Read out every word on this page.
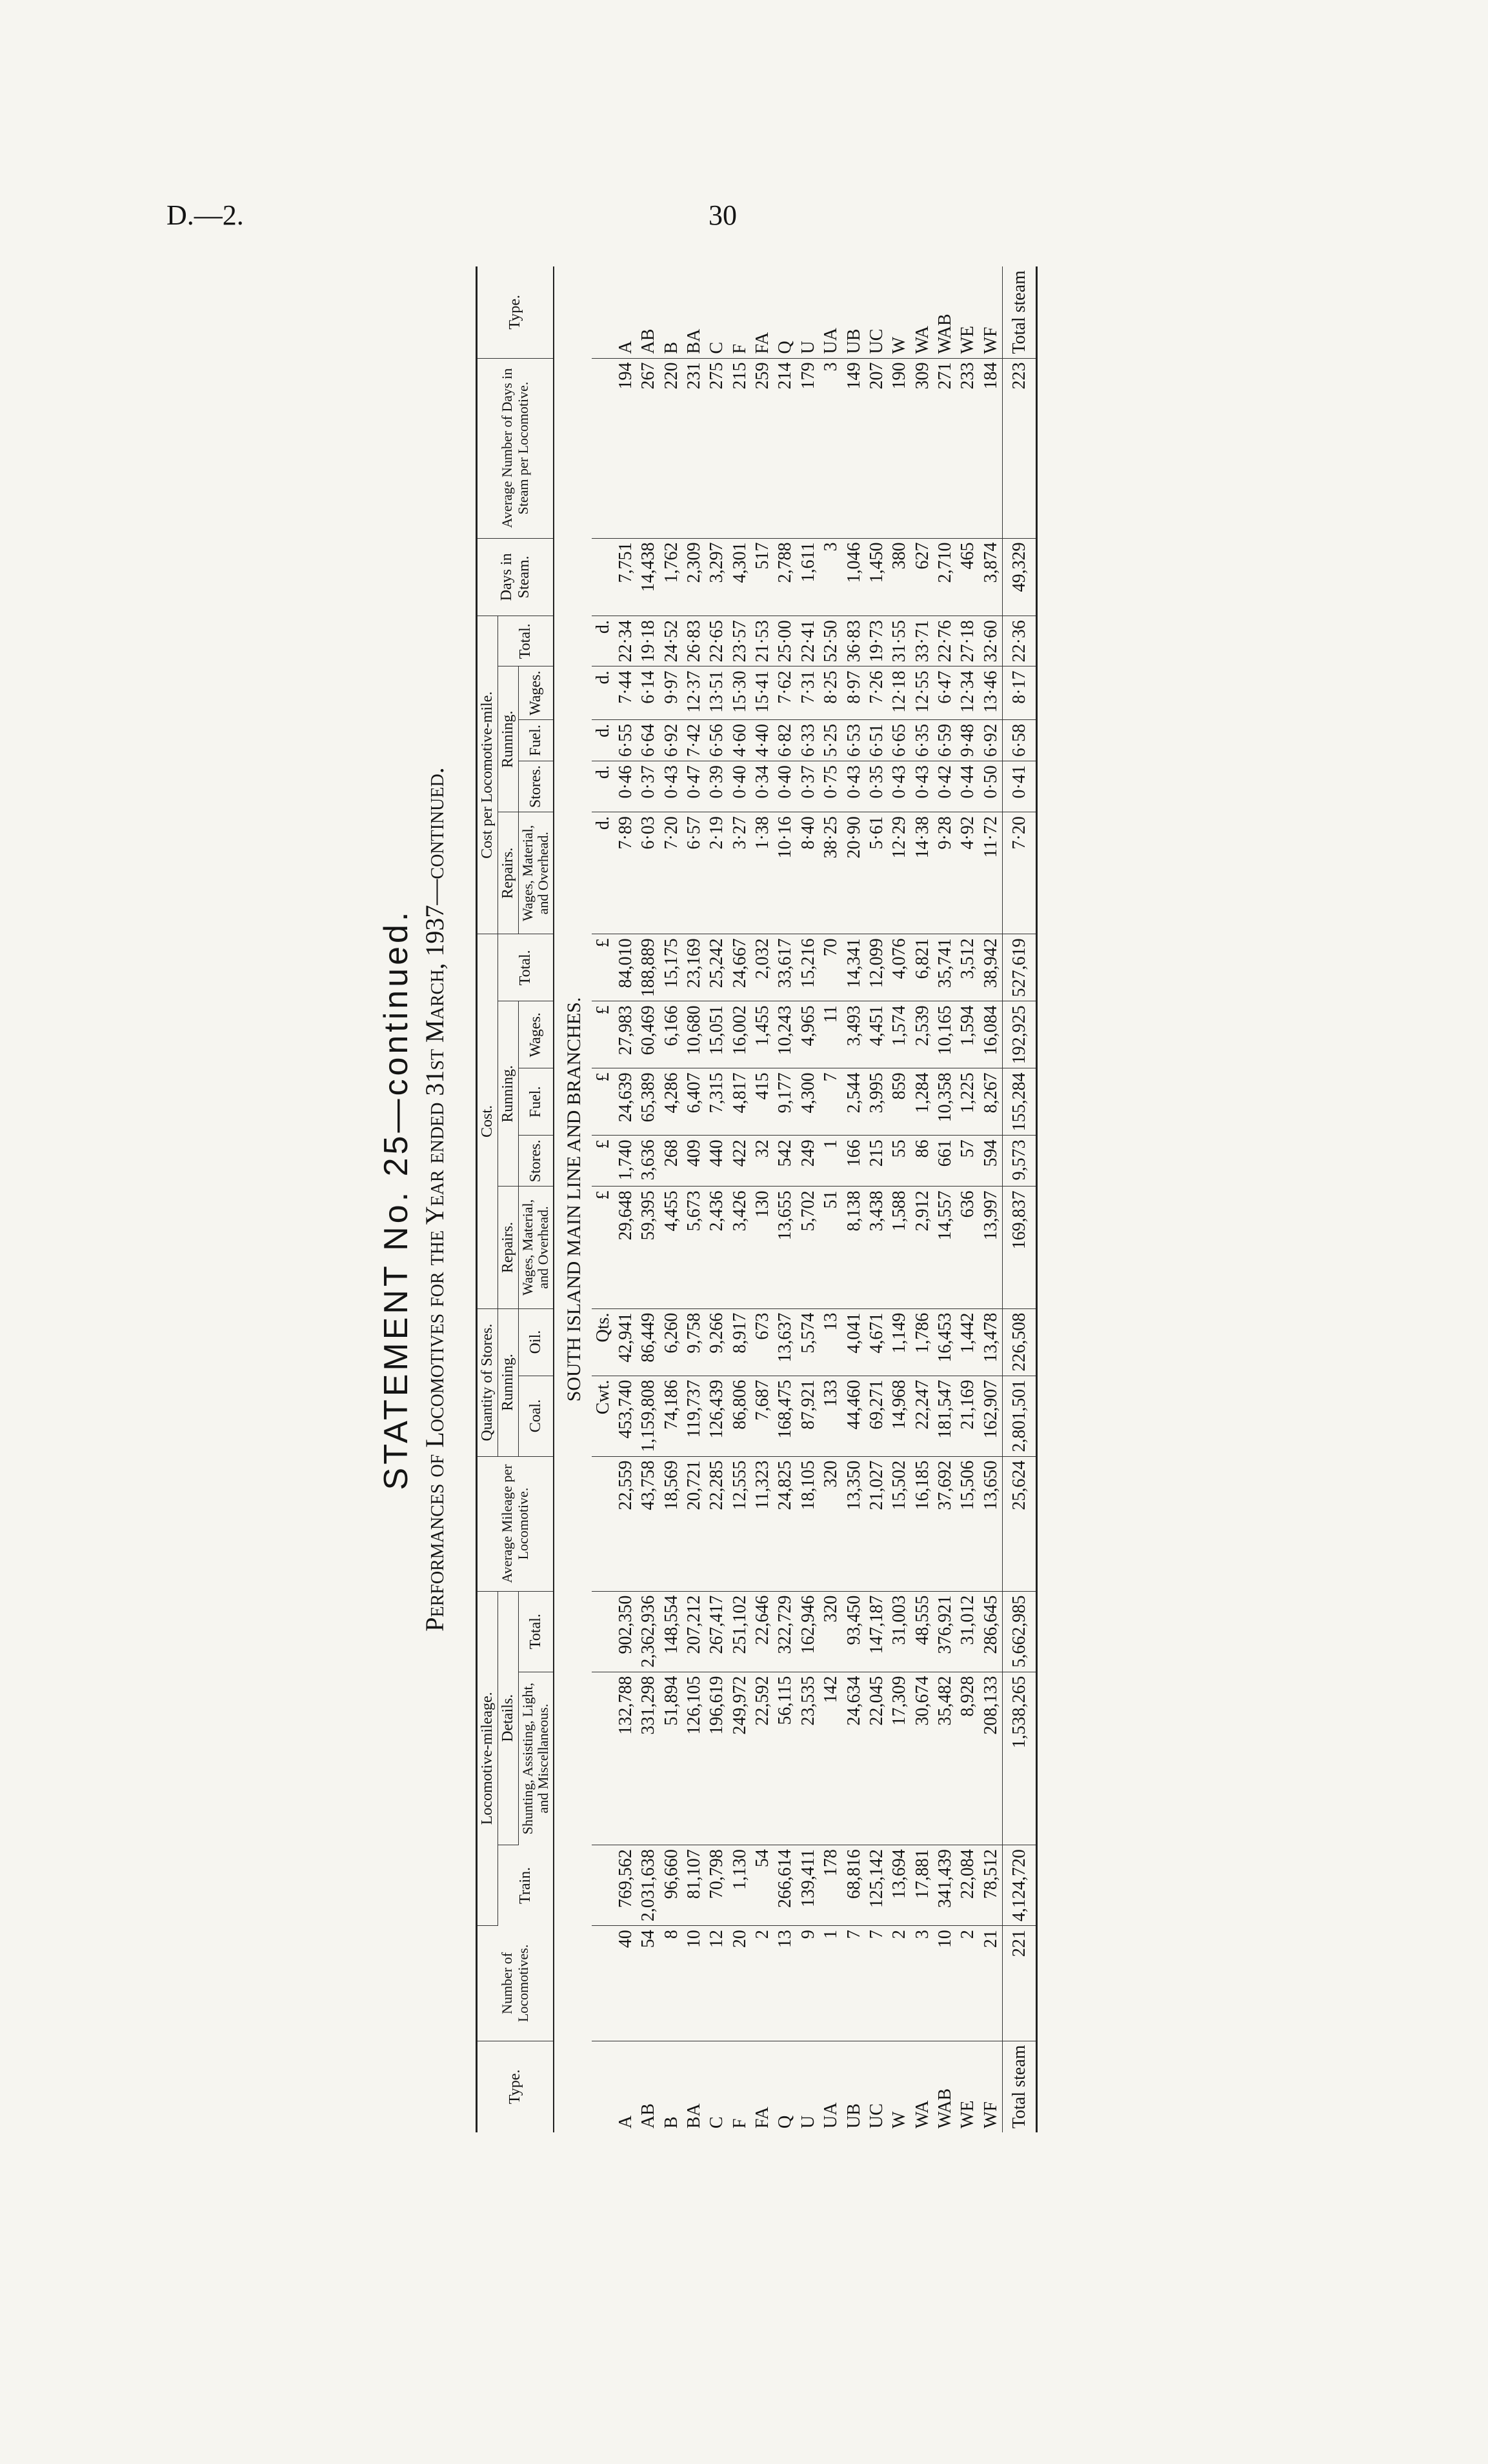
D.—2.	30
STATEMENT No. 25—continued. Performances of Locomotives for the Year ended 31st March, 1937—continued.
Type.	Number of Locomotives.	Locomotive-mileage.			Average Mileage per Locomotive.	Quantity of Stores.		Cost.					Cost per Locomotive-mile.					Days in Steam.	Average Number of Days in Steam per Locomotive.	Type.
		Train.	Details.			Running.		Repairs.	Running.			Total.	Repairs.	Running.			Total.			
			Shunting, Assisting, Light, and Miscellaneous.	Total.		Coal.	Oil.	Wages, Material, and Overhead.	Stores.	Fuel.	Wages.		Wages, Material, and Overhead.	Stores.	Fuel.	Wages.				

SOUTH ISLAND MAIN LINE AND BRANCHES.																				
						Cwt.	Qts.	£	£	£	£	£	d.	d.	d.	d.	d.			
A	40	769,562	132,788	902,350	22,559	453,740	42,941	29,648	1,740	24,639	27,983	84,010	7·89	0·46	6·55	7·44	22·34	7,751	194	A
AB	54	2,031,638	331,298	2,362,936	43,758	1,159,808	86,449	59,395	3,636	65,389	60,469	188,889	6·03	0·37	6·64	6·14	19·18	14,438	267	AB
B	8	96,660	51,894	148,554	18,569	74,186	6,260	4,455	268	4,286	6,166	15,175	7·20	0·43	6·92	9·97	24·52	1,762	220	B
BA	10	81,107	126,105	207,212	20,721	119,737	9,758	5,673	409	6,407	10,680	23,169	6·57	0·47	7·42	12·37	26·83	2,309	231	BA
C	12	70,798	196,619	267,417	22,285	126,439	9,266	2,436	440	7,315	15,051	25,242	2·19	0·39	6·56	13·51	22·65	3,297	275	C
F	20	1,130	249,972	251,102	12,555	86,806	8,917	3,426	422	4,817	16,002	24,667	3·27	0·40	4·60	15·30	23·57	4,301	215	F
FA	2	54	22,592	22,646	11,323	7,687	673	130	32	415	1,455	2,032	1·38	0·34	4·40	15·41	21·53	517	259	FA
Q	13	266,614	56,115	322,729	24,825	168,475	13,637	13,655	542	9,177	10,243	33,617	10·16	0·40	6·82	7·62	25·00	2,788	214	Q
U	9	139,411	23,535	162,946	18,105	87,921	5,574	5,702	249	4,300	4,965	15,216	8·40	0·37	6·33	7·31	22·41	1,611	179	U
UA	1	178	142	320	320	133	13	51	1	7	11	70	38·25	0·75	5·25	8·25	52·50	3	3	UA
UB	7	68,816	24,634	93,450	13,350	44,460	4,041	8,138	166	2,544	3,493	14,341	20·90	0·43	6·53	8·97	36·83	1,046	149	UB
UC	7	125,142	22,045	147,187	21,027	69,271	4,671	3,438	215	3,995	4,451	12,099	5·61	0·35	6·51	7·26	19·73	1,450	207	UC
W	2	13,694	17,309	31,003	15,502	14,968	1,149	1,588	55	859	1,574	4,076	12·29	0·43	6·65	12·18	31·55	380	190	W
WA	3	17,881	30,674	48,555	16,185	22,247	1,786	2,912	86	1,284	2,539	6,821	14·38	0·43	6·35	12·55	33·71	627	309	WA
WAB	10	341,439	35,482	376,921	37,692	181,547	16,453	14,557	661	10,358	10,165	35,741	9·28	0·42	6·59	6·47	22·76	2,710	271	WAB
WE	2	22,084	8,928	31,012	15,506	21,169	1,442	636	57	1,225	1,594	3,512	4·92	0·44	9·48	12·34	27·18	465	233	WE
WF	21	78,512	208,133	286,645	13,650	162,907	13,478	13,997	594	8,267	16,084	38,942	11·72	0·50	6·92	13·46	32·60	3,874	184	WF
Total steam	221	4,124,720	1,538,265	5,662,985	25,624	2,801,501	226,508	169,837	9,573	155,284	192,925	527,619	7·20	0·41	6·58	8·17	22·36	49,329	223	Total steam
